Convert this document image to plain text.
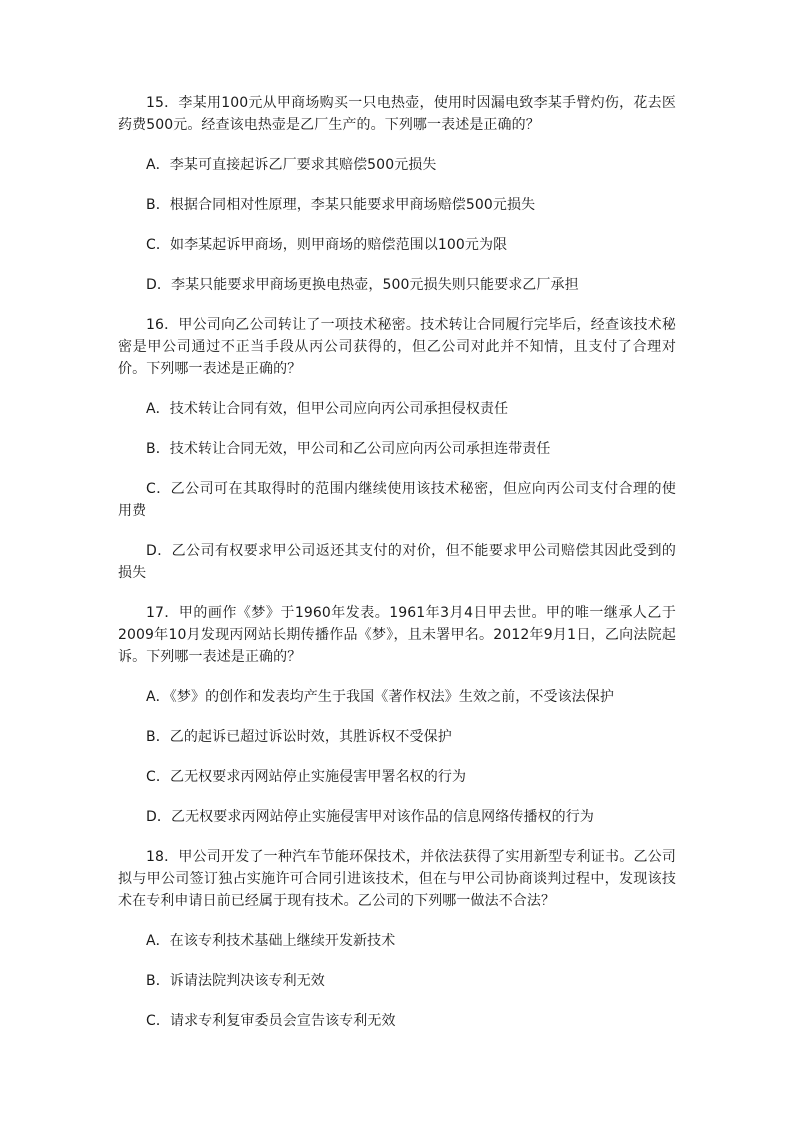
15．李某用100元从甲商场购买一只电热壶，使用时因漏电致李某手臂灼伤，花去医药费500元。经查该电热壶是乙厂生产的。下列哪一表述是正确的？

A．李某可直接起诉乙厂要求其赔偿500元损失

B．根据合同相对性原理，李某只能要求甲商场赔偿500元损失

C．如李某起诉甲商场，则甲商场的赔偿范围以100元为限

D．李某只能要求甲商场更换电热壶，500元损失则只能要求乙厂承担

16．甲公司向乙公司转让了一项技术秘密。技术转让合同履行完毕后，经查该技术秘密是甲公司通过不正当手段从丙公司获得的，但乙公司对此并不知情，且支付了合理对价。下列哪一表述是正确的？

A．技术转让合同有效，但甲公司应向丙公司承担侵权责任

B．技术转让合同无效，甲公司和乙公司应向丙公司承担连带责任

C．乙公司可在其取得时的范围内继续使用该技术秘密，但应向丙公司支付合理的使用费

D．乙公司有权要求甲公司返还其支付的对价，但不能要求甲公司赔偿其因此受到的损失

17．甲的画作《梦》于1960年发表。1961年3月4日甲去世。甲的唯一继承人乙于2009年10月发现丙网站长期传播作品《梦》，且未署甲名。2012年9月1日，乙向法院起诉。下列哪一表述是正确的？

A．《梦》的创作和发表均产生于我国《著作权法》生效之前，不受该法保护

B．乙的起诉已超过诉讼时效，其胜诉权不受保护

C．乙无权要求丙网站停止实施侵害甲署名权的行为

D．乙无权要求丙网站停止实施侵害甲对该作品的信息网络传播权的行为

18．甲公司开发了一种汽车节能环保技术，并依法获得了实用新型专利证书。乙公司拟与甲公司签订独占实施许可合同引进该技术，但在与甲公司协商谈判过程中，发现该技术在专利申请日前已经属于现有技术。乙公司的下列哪一做法不合法？

A．在该专利技术基础上继续开发新技术

B．诉请法院判决该专利无效

C．请求专利复审委员会宣告该专利无效
